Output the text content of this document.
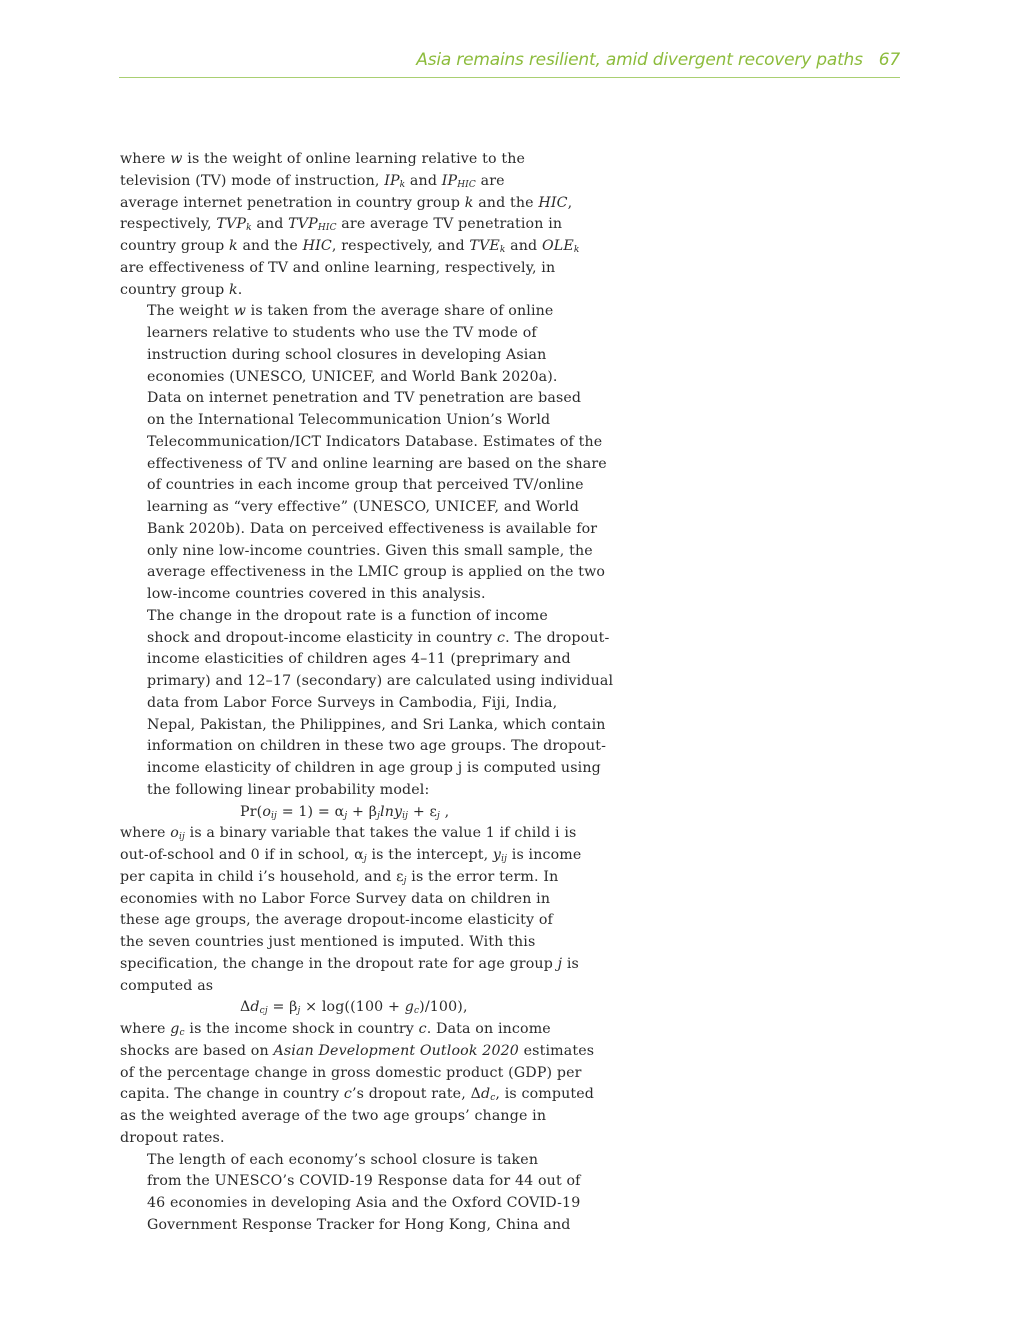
Asia remains resilient, amid divergent recovery paths 67

where w is the weight of online learning relative to the
television (TV) mode of instruction, $IP_k$ and $IP_{HIC}$ are
average internet penetration in country group k and the HIC,
respectively, $TVP_k$ and $TVP_{HIC}$ are average TV penetration in
country group k and the HIC, respectively, and $TVE_k$ and $OLE_k$
are effectiveness of TV and online learning, respectively, in
country group k.

The weight w is taken from the average share of online
learners relative to students who use the TV mode of
instruction during school closures in developing Asian
economies (UNESCO, UNICEF, and World Bank 2020a).
Data on internet penetration and TV penetration are based
on the International Telecommunication Union’s World
Telecommunication/ICT Indicators Database. Estimates of the
effectiveness of TV and online learning are based on the share
of countries in each income group that perceived TV/online
learning as “very effective” (UNESCO, UNICEF, and World
Bank 2020b). Data on perceived effectiveness is available for
only nine low-income countries. Given this small sample, the
average effectiveness in the LMIC group is applied on the two
low-income countries covered in this analysis.

The change in the dropout rate is a function of income
shock and dropout-income elasticity in country c. The dropout-
income elasticities of children ages 4–11 (preprimary and
primary) and 12–17 (secondary) are calculated using individual
data from Labor Force Surveys in Cambodia, Fiji, India,
Nepal, Pakistan, the Philippines, and Sri Lanka, which contain
information on children in these two age groups. The dropout-
income elasticity of children in age group j is computed using
the following linear probability model:

$Pr(o_{ij} = 1) = \alpha_j + \beta_j\ln y_{ij} + \varepsilon_j$ ,

where $o_{ij}$ is a binary variable that takes the value 1 if child i is
out-of-school and 0 if in school, $\alpha_j$ is the intercept, $y_{ij}$ is income
per capita in child i’s household, and $\varepsilon_j$ is the error term. In
economies with no Labor Force Survey data on children in
these age groups, the average dropout-income elasticity of
the seven countries just mentioned is imputed. With this
specification, the change in the dropout rate for age group j is
computed as

$\Delta d_{cj} = \beta_j \times \log((100 + g_c)/100)$,

where $g_c$ is the income shock in country c. Data on income
shocks are based on Asian Development Outlook 2020 estimates
of the percentage change in gross domestic product (GDP) per
capita. The change in country c’s dropout rate, $\Delta d_c$, is computed
as the weighted average of the two age groups’ change in
dropout rates.

The length of each economy’s school closure is taken
from the UNESCO’s COVID-19 Response data for 44 out of
46 economies in developing Asia and the Oxford COVID-19
Government Response Tracker for Hong Kong, China and
